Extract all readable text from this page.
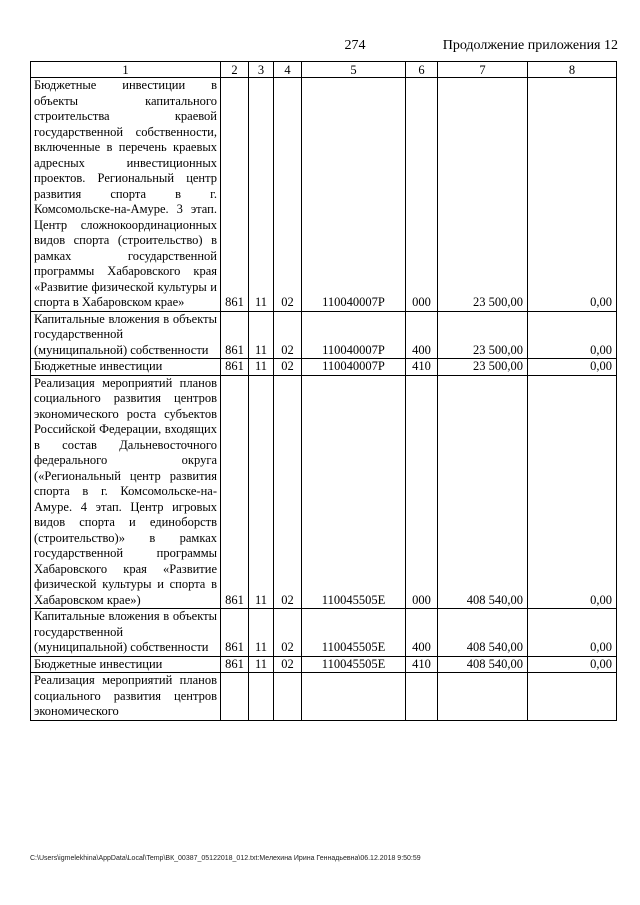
274	Продолжение приложения 12
1	2	3	4	5	6	7	8
Бюджетные инвестиции в объекты капитального строительства краевой государственной собственности, включенные в перечень краевых адресных инвестиционных проектов. Региональный центр развития спорта в г. Комсомольске-на-Амуре. 3 этап. Центр сложнокоординационных видов спорта (строительство) в рамках государственной программы Хабаровского края «Развитие физической культуры и спорта в Хабаровском крае»	861	11	02	110040007Р	000	23 500,00	0,00
Капитальные вложения в объекты государственной (муниципальной) собственности	861	11	02	110040007Р	400	23 500,00	0,00
Бюджетные инвестиции	861	11	02	110040007Р	410	23 500,00	0,00
Реализация мероприятий планов социального развития центров экономического роста субъектов Российской Федерации, входящих в состав Дальневосточного федерального округа («Региональный центр развития спорта в г. Комсомольске-на-Амуре. 4 этап. Центр игровых видов спорта и единоборств (строительство)» в рамках государственной программы Хабаровского края «Развитие физической культуры и спорта в Хабаровском крае»)	861	11	02	110045505Е	000	408 540,00	0,00
Капитальные вложения в объекты государственной (муниципальной) собственности	861	11	02	110045505Е	400	408 540,00	0,00
Бюджетные инвестиции	861	11	02	110045505Е	410	408 540,00	0,00
Реализация мероприятий планов социального развития центров экономического							
C:\Users\igmelekhina\AppData\Local\Temp\ВК_00387_05122018_012.txt:Мелехина Ирина Геннадьевна\06.12.2018 9:50:59
